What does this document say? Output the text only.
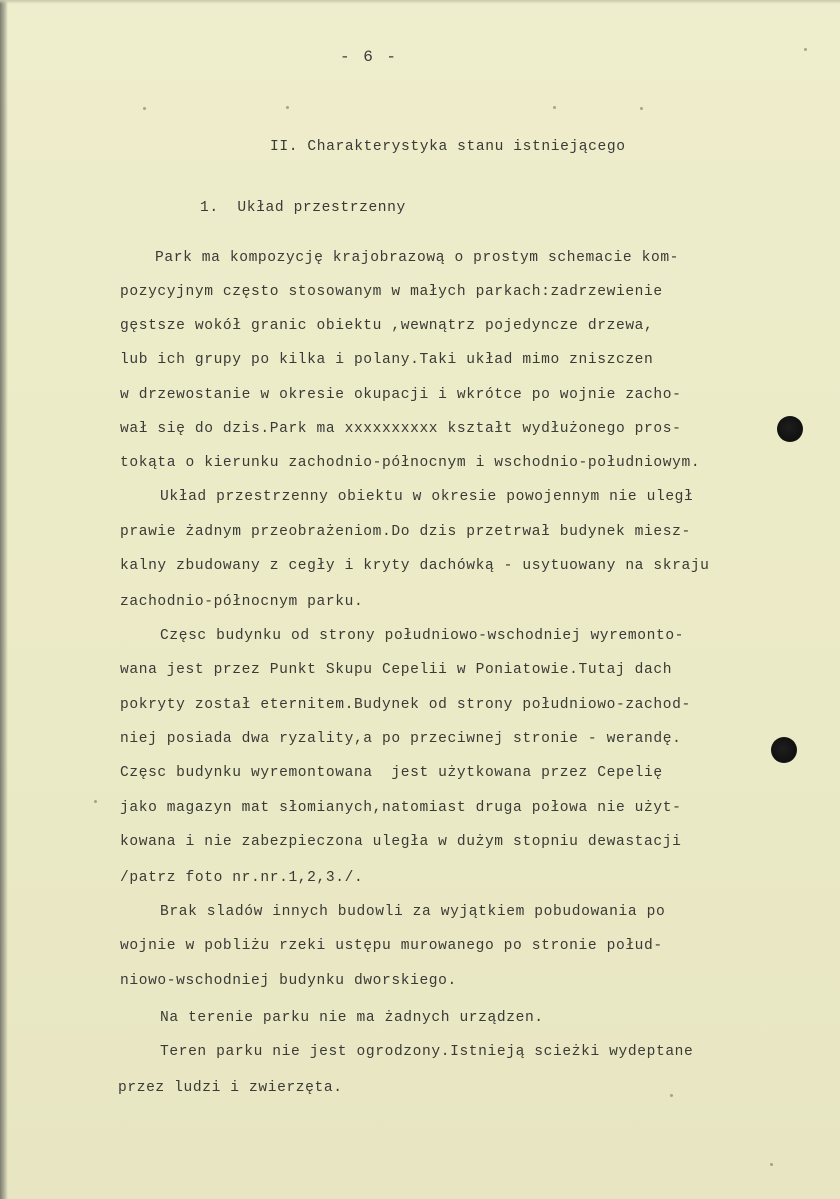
- 6 -
II. Charakterystyka stanu istniejącego
1.  Układ przestrzenny
Park ma kompozycję krajobrazową o prostym schemacie kom-
pozycyjnym często stosowanym w małych parkach:zadrzewienie
gęstsze wokół granic obiektu ,wewnątrz pojedyncze drzewa,
lub ich grupy po kilka i polany.Taki układ mimo zniszczen
w drzewostanie w okresie okupacji i wkrótce po wojnie zacho-
wał się do dzis.Park ma xxxxxxxxxx kształt wydłużonego pros-
tokąta o kierunku zachodnio-północnym i wschodnio-południowym.
Układ przestrzenny obiektu w okresie powojennym nie uległ
prawie żadnym przeobrażeniom.Do dzis przetrwał budynek miesz-
kalny zbudowany z cegły i kryty dachówką - usytuowany na skraju
zachodnio-północnym parku.
Częsc budynku od strony południowo-wschodniej wyremonto-
wana jest przez Punkt Skupu Cepelii w Poniatowie.Tutaj dach
pokryty został eternitem.Budynek od strony południowo-zachod-
niej posiada dwa ryzality,a po przeciwnej stronie - werandę.
Częsc budynku wyremontowana  jest użytkowana przez Cepelię
jako magazyn mat słomianych,natomiast druga połowa nie użyt-
kowana i nie zabezpieczona uległa w dużym stopniu dewastacji
/patrz foto nr.nr.1,2,3./.
Brak sladów innych budowli za wyjątkiem pobudowania po
wojnie w pobliżu rzeki ustępu murowanego po stronie połud-
niowo-wschodniej budynku dworskiego.
Na terenie parku nie ma żadnych urządzen.
Teren parku nie jest ogrodzony.Istnieją scieżki wydeptane
przez ludzi i zwierzęta.
